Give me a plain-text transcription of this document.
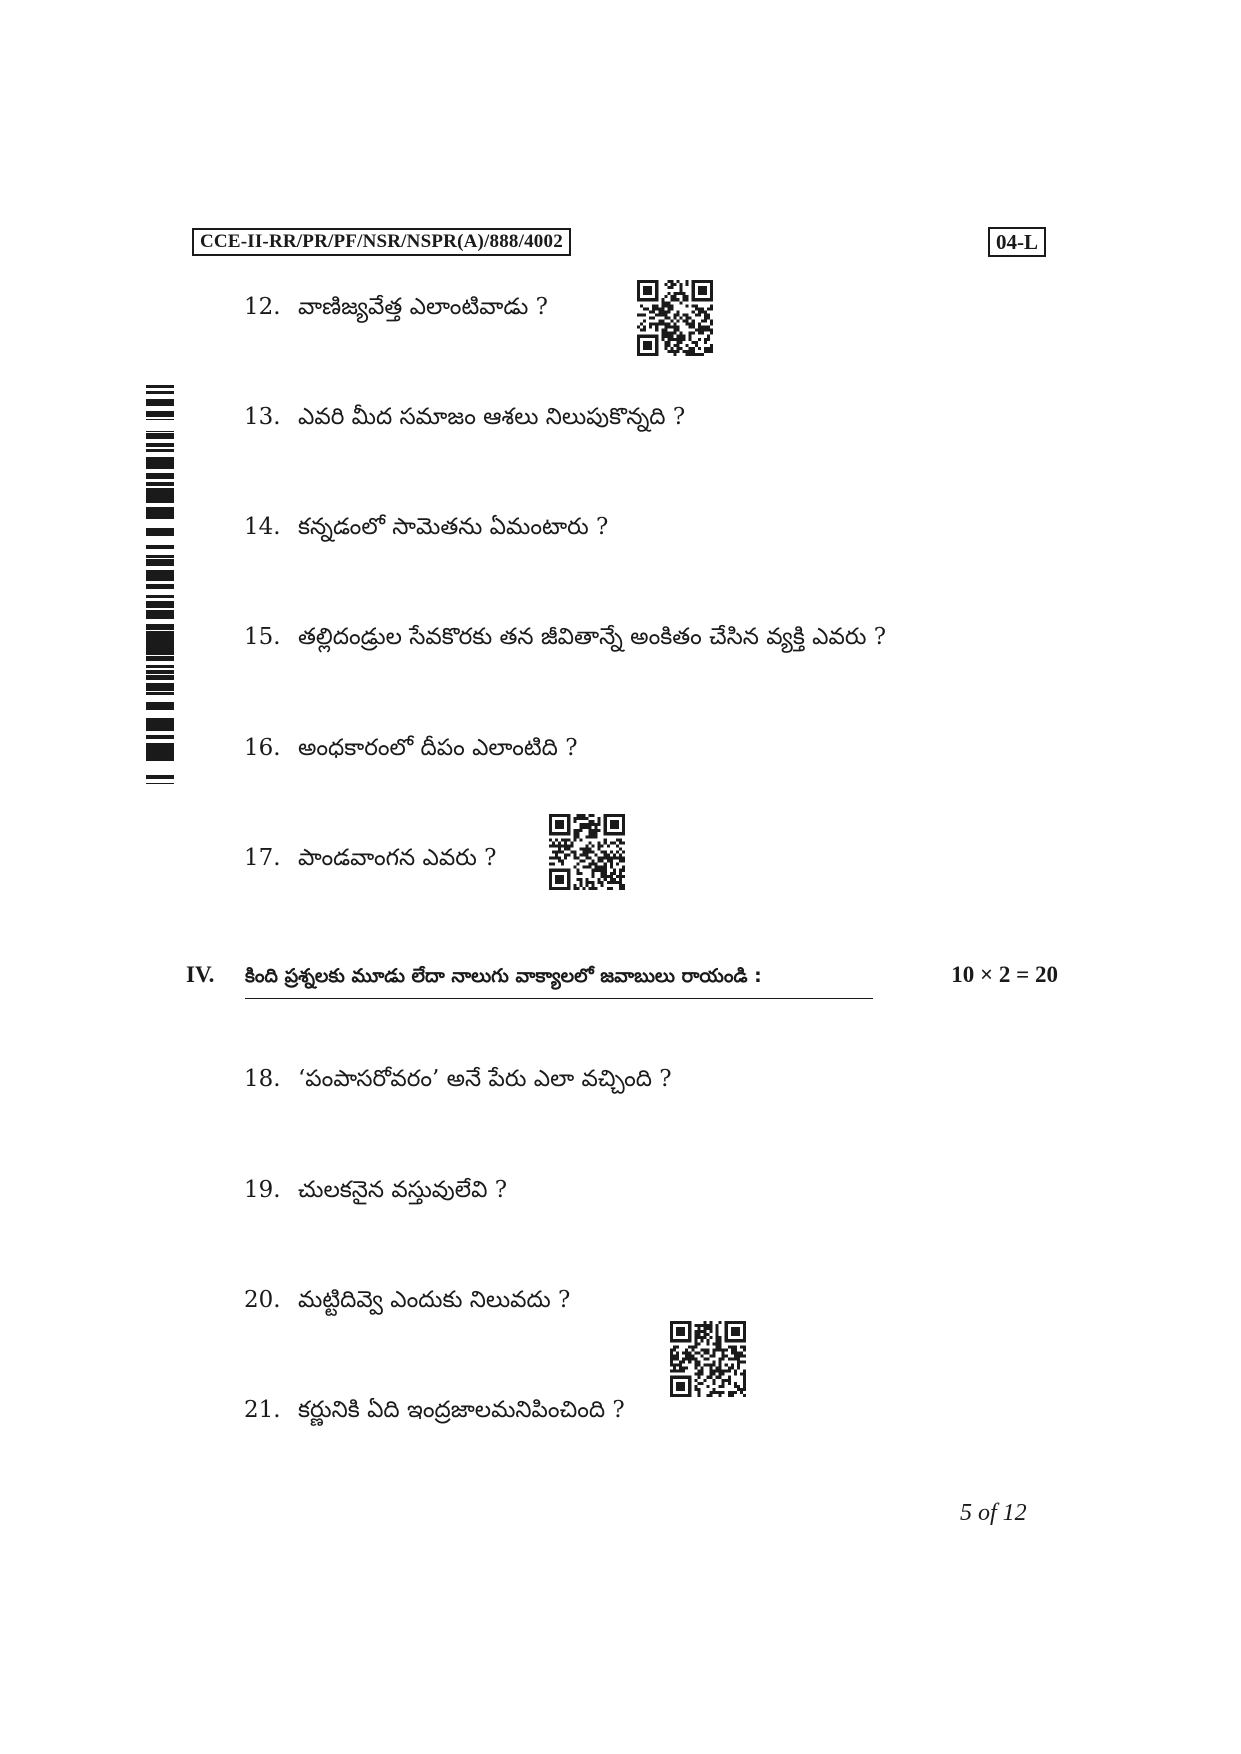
CCE-II-RR/PR/PF/NSR/NSPR(A)/888/4002	04-L
12. వాణిజ్యవేత్త ఎలాంటివాడు ?
13. ఎవరి మీద సమాజం ఆశలు నిలుపుకొన్నది ?
14. కన్నడంలో సామెతను ఏమంటారు ?
15. తల్లిదండ్రుల సేవకొరకు తన జీవితాన్నే అంకితం చేసిన వ్యక్తి ఎవరు ?
16. అంధకారంలో దీపం ఎలాంటిది ?
17. పాండవాంగన ఎవరు ?
IV. కింది ప్రశ్నలకు మూడు లేదా నాలుగు వాక్యాలలో జవాబులు రాయండి :	10 × 2 = 20
18. ‘పంపాసరోవరం’ అనే పేరు ఎలా వచ్చింది ?
19. చులకనైన వస్తువులేవి ?
20. మట్టిదివ్వె ఎందుకు నిలువదు ?
21. కర్ణునికి ఏది ఇంద్రజాలమనిపించింది ?
5 of 12
